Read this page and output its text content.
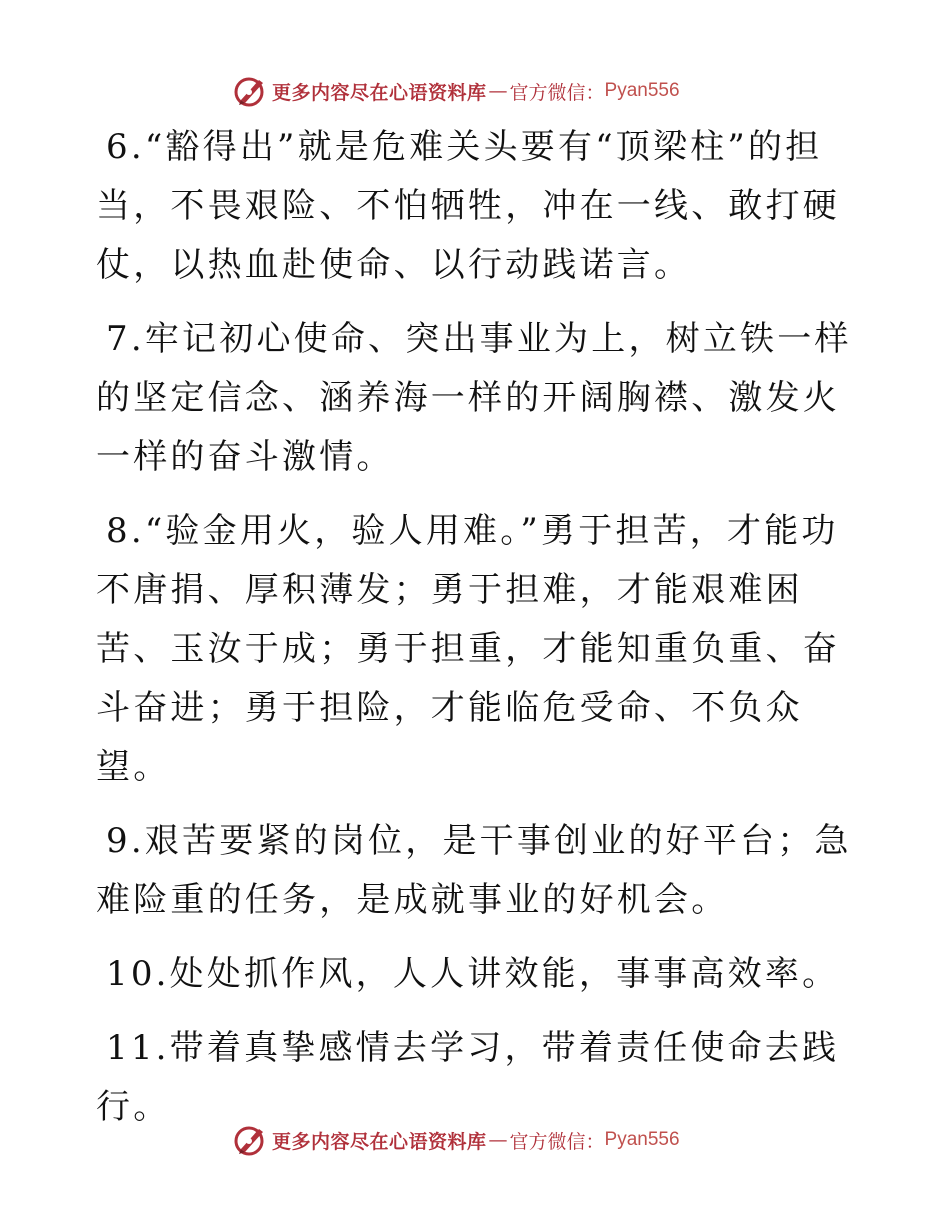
更多内容尽在心语资料库 — 官方微信： Pyan556

6.“豁得出”就是危难关头要有“顶梁柱”的担当，不畏艰险、不怕牺牲，冲在一线、敢打硬仗，以热血赴使命、以行动践诺言。

7.牢记初心使命、突出事业为上，树立铁一样的坚定信念、涵养海一样的开阔胸襟、激发火一样的奋斗激情。

8.“验金用火，验人用难。”勇于担苦，才能功不唐捐、厚积薄发；勇于担难，才能艰难困苦、玉汝于成；勇于担重，才能知重负重、奋斗奋进；勇于担险，才能临危受命、不负众望。

9.艰苦要紧的岗位，是干事创业的好平台；急难险重的任务，是成就事业的好机会。

10.处处抓作风，人人讲效能，事事高效率。

11.带着真挚感情去学习，带着责任使命去践行。

更多内容尽在心语资料库 — 官方微信： Pyan556
